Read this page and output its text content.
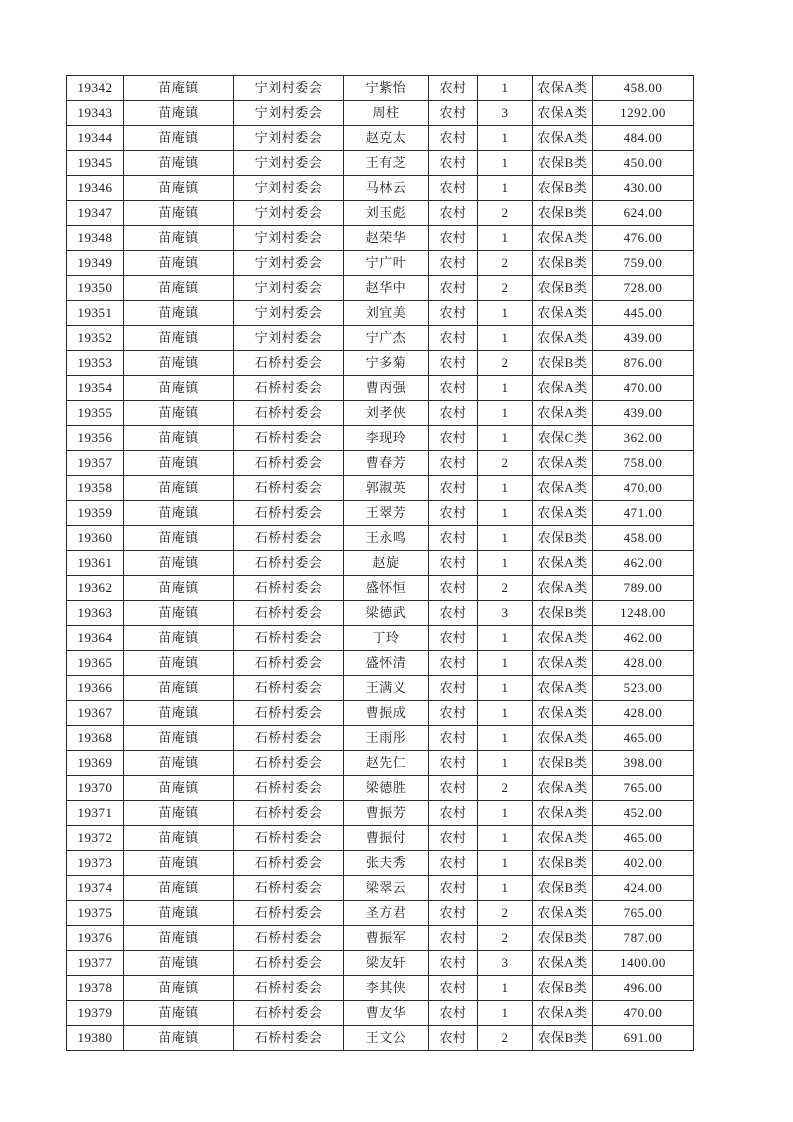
19342	苗庵镇	宁刘村委会	宁紫怡	农村	1	农保A类	458.00
19343	苗庵镇	宁刘村委会	周柱	农村	3	农保A类	1292.00
19344	苗庵镇	宁刘村委会	赵克太	农村	1	农保A类	484.00
19345	苗庵镇	宁刘村委会	王有芝	农村	1	农保B类	450.00
19346	苗庵镇	宁刘村委会	马林云	农村	1	农保B类	430.00
19347	苗庵镇	宁刘村委会	刘玉彪	农村	2	农保B类	624.00
19348	苗庵镇	宁刘村委会	赵荣华	农村	1	农保A类	476.00
19349	苗庵镇	宁刘村委会	宁广叶	农村	2	农保B类	759.00
19350	苗庵镇	宁刘村委会	赵华中	农村	2	农保B类	728.00
19351	苗庵镇	宁刘村委会	刘宜美	农村	1	农保A类	445.00
19352	苗庵镇	宁刘村委会	宁广杰	农村	1	农保A类	439.00
19353	苗庵镇	石桥村委会	宁多菊	农村	2	农保B类	876.00
19354	苗庵镇	石桥村委会	曹丙强	农村	1	农保A类	470.00
19355	苗庵镇	石桥村委会	刘孝侠	农村	1	农保A类	439.00
19356	苗庵镇	石桥村委会	李现玲	农村	1	农保C类	362.00
19357	苗庵镇	石桥村委会	曹春芳	农村	2	农保A类	758.00
19358	苗庵镇	石桥村委会	郭淑英	农村	1	农保A类	470.00
19359	苗庵镇	石桥村委会	王翠芳	农村	1	农保A类	471.00
19360	苗庵镇	石桥村委会	王永鸣	农村	1	农保B类	458.00
19361	苗庵镇	石桥村委会	赵旋	农村	1	农保A类	462.00
19362	苗庵镇	石桥村委会	盛怀恒	农村	2	农保A类	789.00
19363	苗庵镇	石桥村委会	梁德武	农村	3	农保B类	1248.00
19364	苗庵镇	石桥村委会	丁玲	农村	1	农保A类	462.00
19365	苗庵镇	石桥村委会	盛怀清	农村	1	农保A类	428.00
19366	苗庵镇	石桥村委会	王满义	农村	1	农保A类	523.00
19367	苗庵镇	石桥村委会	曹振成	农村	1	农保A类	428.00
19368	苗庵镇	石桥村委会	王雨彤	农村	1	农保A类	465.00
19369	苗庵镇	石桥村委会	赵先仁	农村	1	农保B类	398.00
19370	苗庵镇	石桥村委会	梁德胜	农村	2	农保A类	765.00
19371	苗庵镇	石桥村委会	曹振芳	农村	1	农保A类	452.00
19372	苗庵镇	石桥村委会	曹振付	农村	1	农保A类	465.00
19373	苗庵镇	石桥村委会	张夫秀	农村	1	农保B类	402.00
19374	苗庵镇	石桥村委会	梁翠云	农村	1	农保B类	424.00
19375	苗庵镇	石桥村委会	圣方君	农村	2	农保A类	765.00
19376	苗庵镇	石桥村委会	曹振军	农村	2	农保B类	787.00
19377	苗庵镇	石桥村委会	梁友轩	农村	3	农保A类	1400.00
19378	苗庵镇	石桥村委会	李其侠	农村	1	农保B类	496.00
19379	苗庵镇	石桥村委会	曹友华	农村	1	农保A类	470.00
19380	苗庵镇	石桥村委会	王文公	农村	2	农保B类	691.00
